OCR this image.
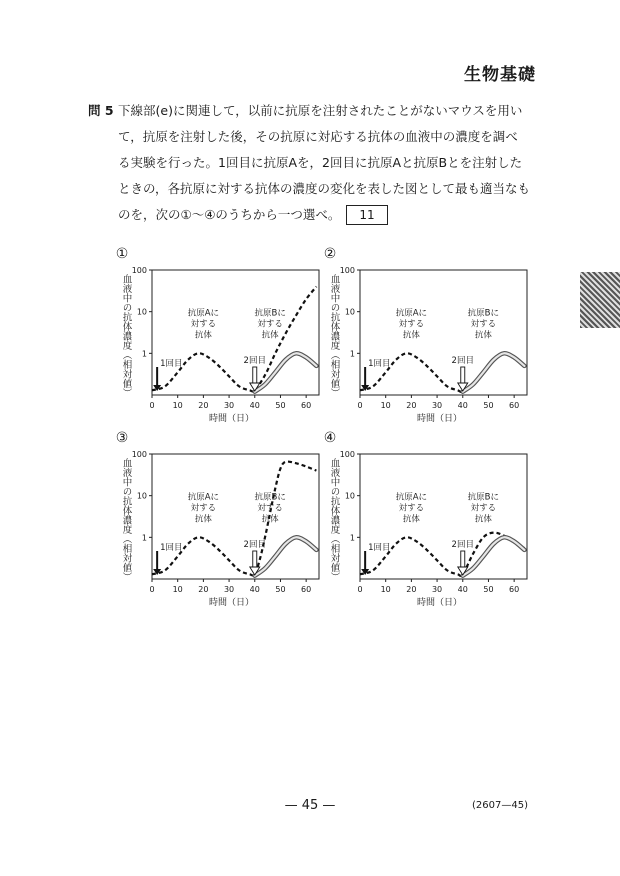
生物基礎
問 5 下線部(e)に関連して，以前に抗原を注射されたことがないマウスを用いて，抗原を注射した後，その抗原に対応する抗体の血液中の濃度を調べる実験を行った。1回目に抗原Aを，2回目に抗原Aと抗原Bとを注射したときの，各抗原に対する抗体の濃度の変化を表した図として最も適当なものを，次の①～④のうちから一つ選べ。 11
①
血液中の抗体濃度（相対値） 1
10
100
0 10 20 30 40 50 60
時間（日）
1回目	2回目
抗原Aに
対する
抗体
抗原Bに
対する
抗体
②
血液中の抗体濃度（相対値） 1
10
100
0 10 20 30 40 50 60
時間（日）
1回目	2回目
抗原Aに
対する
抗体
抗原Bに
対する
抗体
③
血液中の抗体濃度（相対値） 1
10
100
0 10 20 30 40 50 60
時間（日）
1回目	2回目
抗原Aに
対する
抗体
抗原Bに
対する
抗体
④
血液中の抗体濃度（相対値） 1
10
100
0 10 20 30 40 50 60
時間（日）
1回目	2回目
抗原Aに
対する
抗体
抗原Bに
対する
抗体
— 45 —	(2607—45)
